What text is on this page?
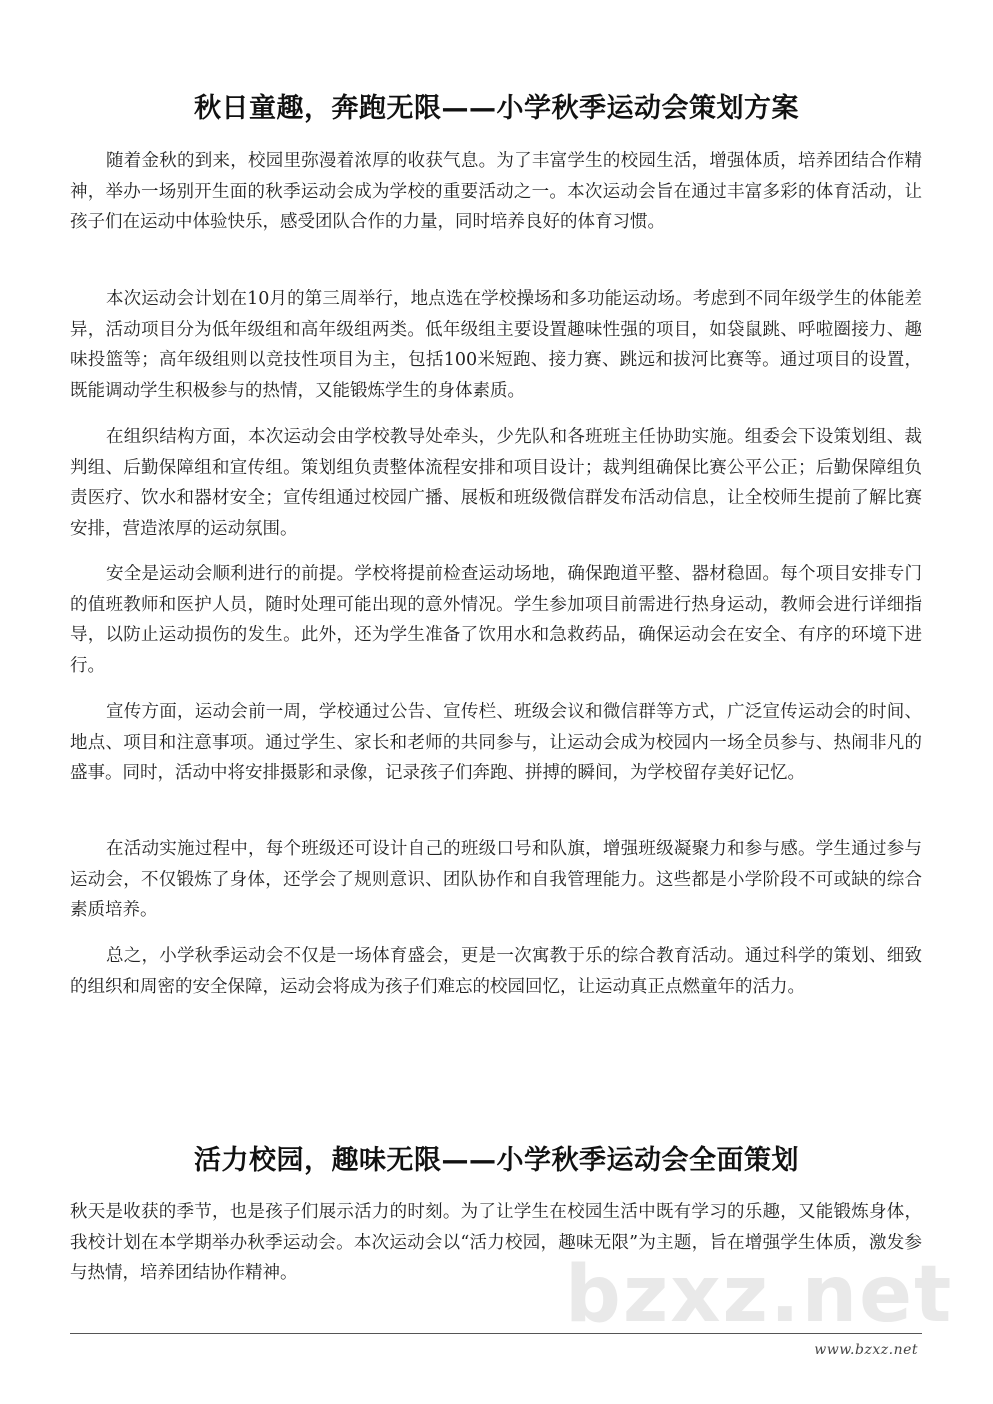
bzxz.net
秋日童趣，奔跑无限——小学秋季运动会策划方案

随着金秋的到来，校园里弥漫着浓厚的收获气息。为了丰富学生的校园生活，增强体质，培养团结合作精神，举办一场别开生面的秋季运动会成为学校的重要活动之一。本次运动会旨在通过丰富多彩的体育活动，让孩子们在运动中体验快乐，感受团队合作的力量，同时培养良好的体育习惯。

本次运动会计划在10月的第三周举行，地点选在学校操场和多功能运动场。考虑到不同年级学生的体能差异，活动项目分为低年级组和高年级组两类。低年级组主要设置趣味性强的项目，如袋鼠跳、呼啦圈接力、趣味投篮等；高年级组则以竞技性项目为主，包括100米短跑、接力赛、跳远和拔河比赛等。通过项目的设置，既能调动学生积极参与的热情，又能锻炼学生的身体素质。

在组织结构方面，本次运动会由学校教导处牵头，少先队和各班班主任协助实施。组委会下设策划组、裁判组、后勤保障组和宣传组。策划组负责整体流程安排和项目设计；裁判组确保比赛公平公正；后勤保障组负责医疗、饮水和器材安全；宣传组通过校园广播、展板和班级微信群发布活动信息，让全校师生提前了解比赛安排，营造浓厚的运动氛围。

安全是运动会顺利进行的前提。学校将提前检查运动场地，确保跑道平整、器材稳固。每个项目安排专门的值班教师和医护人员，随时处理可能出现的意外情况。学生参加项目前需进行热身运动，教师会进行详细指导，以防止运动损伤的发生。此外，还为学生准备了饮用水和急救药品，确保运动会在安全、有序的环境下进行。

宣传方面，运动会前一周，学校通过公告、宣传栏、班级会议和微信群等方式，广泛宣传运动会的时间、地点、项目和注意事项。通过学生、家长和老师的共同参与，让运动会成为校园内一场全员参与、热闹非凡的盛事。同时，活动中将安排摄影和录像，记录孩子们奔跑、拼搏的瞬间，为学校留存美好记忆。

在活动实施过程中，每个班级还可设计自己的班级口号和队旗，增强班级凝聚力和参与感。学生通过参与运动会，不仅锻炼了身体，还学会了规则意识、团队协作和自我管理能力。这些都是小学阶段不可或缺的综合素质培养。

总之，小学秋季运动会不仅是一场体育盛会，更是一次寓教于乐的综合教育活动。通过科学的策划、细致的组织和周密的安全保障，运动会将成为孩子们难忘的校园回忆，让运动真正点燃童年的活力。

活力校园，趣味无限——小学秋季运动会全面策划

秋天是收获的季节，也是孩子们展示活力的时刻。为了让学生在校园生活中既有学习的乐趣，又能锻炼身体，我校计划在本学期举办秋季运动会。本次运动会以“活力校园，趣味无限”为主题，旨在增强学生体质，激发参与热情，培养团结协作精神。

www.bzxz.net
